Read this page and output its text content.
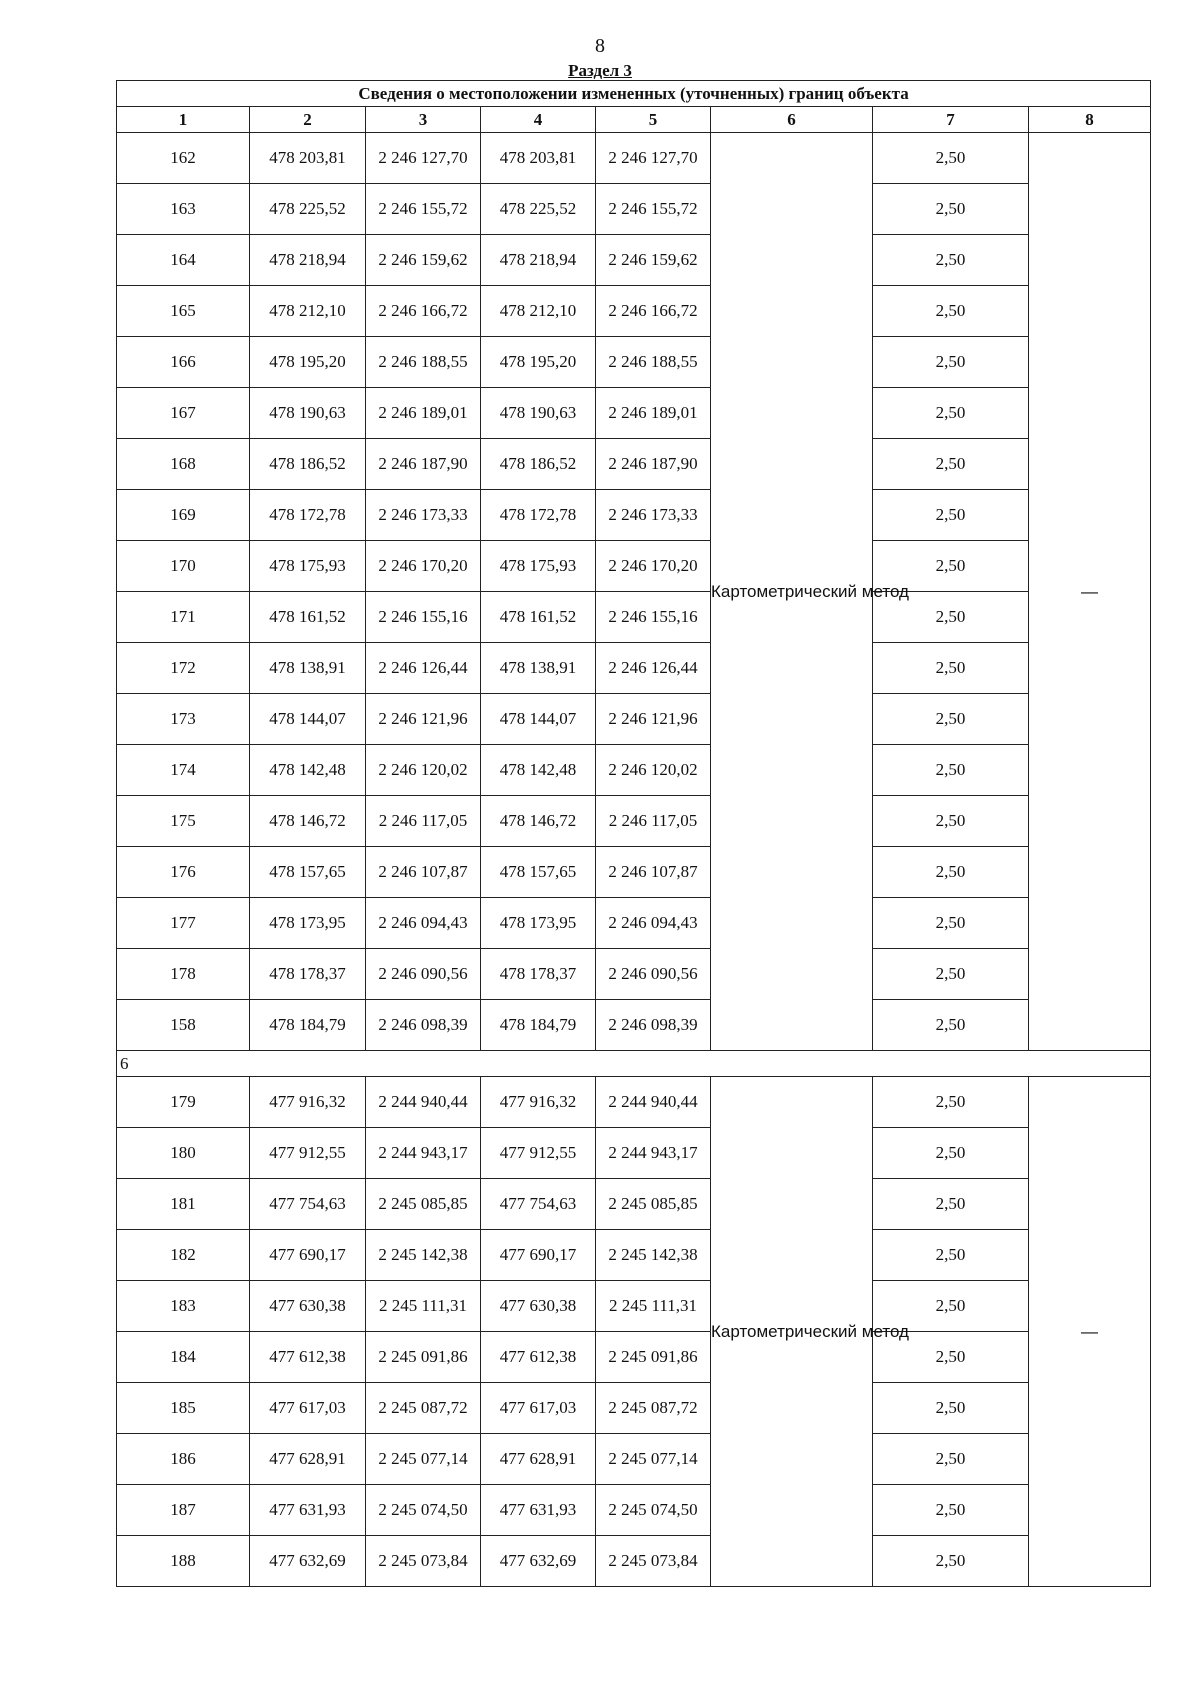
8
Раздел 3
Сведения о местоположении измененных (уточненных) границ объекта							
1	2	3	4	5	6	7	8
162	478 203,81	2 246 127,70	478 203,81	2 246 127,70	Картометрический метод	2,50	—
163	478 225,52	2 246 155,72	478 225,52	2 246 155,72		2,50	
164	478 218,94	2 246 159,62	478 218,94	2 246 159,62		2,50	
165	478 212,10	2 246 166,72	478 212,10	2 246 166,72		2,50	
166	478 195,20	2 246 188,55	478 195,20	2 246 188,55		2,50	
167	478 190,63	2 246 189,01	478 190,63	2 246 189,01		2,50	
168	478 186,52	2 246 187,90	478 186,52	2 246 187,90		2,50	
169	478 172,78	2 246 173,33	478 172,78	2 246 173,33		2,50	
170	478 175,93	2 246 170,20	478 175,93	2 246 170,20		2,50	
171	478 161,52	2 246 155,16	478 161,52	2 246 155,16		2,50	
172	478 138,91	2 246 126,44	478 138,91	2 246 126,44		2,50	
173	478 144,07	2 246 121,96	478 144,07	2 246 121,96		2,50	
174	478 142,48	2 246 120,02	478 142,48	2 246 120,02		2,50	
175	478 146,72	2 246 117,05	478 146,72	2 246 117,05		2,50	
176	478 157,65	2 246 107,87	478 157,65	2 246 107,87		2,50	
177	478 173,95	2 246 094,43	478 173,95	2 246 094,43		2,50	
178	478 178,37	2 246 090,56	478 178,37	2 246 090,56		2,50	
158	478 184,79	2 246 098,39	478 184,79	2 246 098,39		2,50	
6							
179	477 916,32	2 244 940,44	477 916,32	2 244 940,44	Картометрический метод	2,50	—
180	477 912,55	2 244 943,17	477 912,55	2 244 943,17		2,50	
181	477 754,63	2 245 085,85	477 754,63	2 245 085,85		2,50	
182	477 690,17	2 245 142,38	477 690,17	2 245 142,38		2,50	
183	477 630,38	2 245 111,31	477 630,38	2 245 111,31		2,50	
184	477 612,38	2 245 091,86	477 612,38	2 245 091,86		2,50	
185	477 617,03	2 245 087,72	477 617,03	2 245 087,72		2,50	
186	477 628,91	2 245 077,14	477 628,91	2 245 077,14		2,50	
187	477 631,93	2 245 074,50	477 631,93	2 245 074,50		2,50	
188	477 632,69	2 245 073,84	477 632,69	2 245 073,84		2,50	
